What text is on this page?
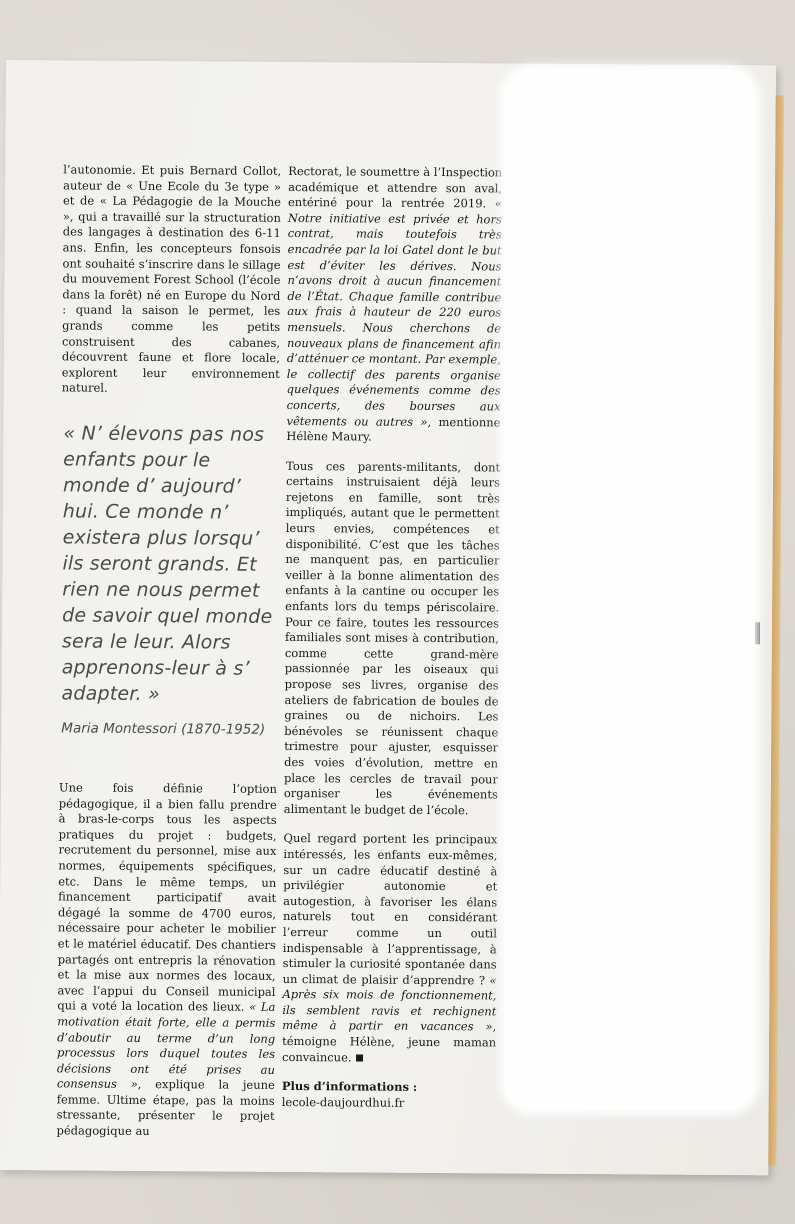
l’autonomie. Et puis Bernard Collot, auteur de « Une Ecole du 3e type » et de « La Pédagogie de la Mouche », qui a travaillé sur la structuration des langages à destination des 6-11 ans. Enfin, les concepteurs fonsois ont souhaité s’inscrire dans le sillage du mouvement Forest School (l’école dans la forêt) né en Europe du Nord : quand la saison le permet, les grands comme les petits construisent des cabanes, découvrent faune et flore locale, explorent leur environnement naturel.

« N’ élevons pas nos enfants pour le monde d’ aujourd’ hui. Ce monde n’ existera plus lorsqu’ ils seront grands. Et rien ne nous permet de savoir quel monde sera le leur. Alors apprenons-leur à s’ adapter. »
Maria Montessori (1870-1952)

Une fois définie l’option pédagogique, il a bien fallu prendre à bras-le-corps tous les aspects pratiques du projet : budgets, recrutement du personnel, mise aux normes, équipements spécifiques, etc. Dans le même temps, un financement participatif avait dégagé la somme de 4700 euros, nécessaire pour acheter le mobilier et le matériel éducatif. Des chantiers partagés ont entrepris la rénovation et la mise aux normes des locaux, avec l’appui du Conseil municipal qui a voté la location des lieux. « La motivation était forte, elle a permis d’aboutir au terme d’un long processus lors duquel toutes les décisions ont été prises au consensus », explique la jeune femme. Ultime étape, pas la moins stressante, présenter le projet pédagogique au

Rectorat, le soumettre à l’Inspection académique et attendre son aval, entériné pour la rentrée 2019. « Notre initiative est privée et hors contrat, mais toutefois très encadrée par la loi Gatel dont le but est d’éviter les dérives. Nous n’avons droit à aucun financement de l’État. Chaque famille contribue aux frais à hauteur de 220 euros mensuels. Nous cherchons de nouveaux plans de financement afin d’atténuer ce montant. Par exemple, le collectif des parents organise quelques événements comme des concerts, des bourses aux vêtements ou autres », mentionne Hélène Maury.

Tous ces parents-militants, dont certains instruisaient déjà leurs rejetons en famille, sont très impliqués, autant que le permettent leurs envies, compétences et disponibilité. C’est que les tâches ne manquent pas, en particulier veiller à la bonne alimentation des enfants à la cantine ou occuper les enfants lors du temps périscolaire. Pour ce faire, toutes les ressources familiales sont mises à contribution, comme cette grand-mère passionnée par les oiseaux qui propose ses livres, organise des ateliers de fabrication de boules de graines ou de nichoirs. Les bénévoles se réunissent chaque trimestre pour ajuster, esquisser des voies d’évolution, mettre en place les cercles de travail pour organiser les événements alimentant le budget de l’école.

Quel regard portent les principaux intéressés, les enfants eux-mêmes, sur un cadre éducatif destiné à privilégier autonomie et autogestion, à favoriser les élans naturels tout en considérant l’erreur comme un outil indispensable à l’apprentissage, à stimuler la curiosité spontanée dans un climat de plaisir d’apprendre ? « Après six mois de fonctionnement, ils semblent ravis et rechignent même à partir en vacances », témoigne Hélène, jeune maman convaincue.

Plus d’informations :
lecole-daujourdhui.fr
